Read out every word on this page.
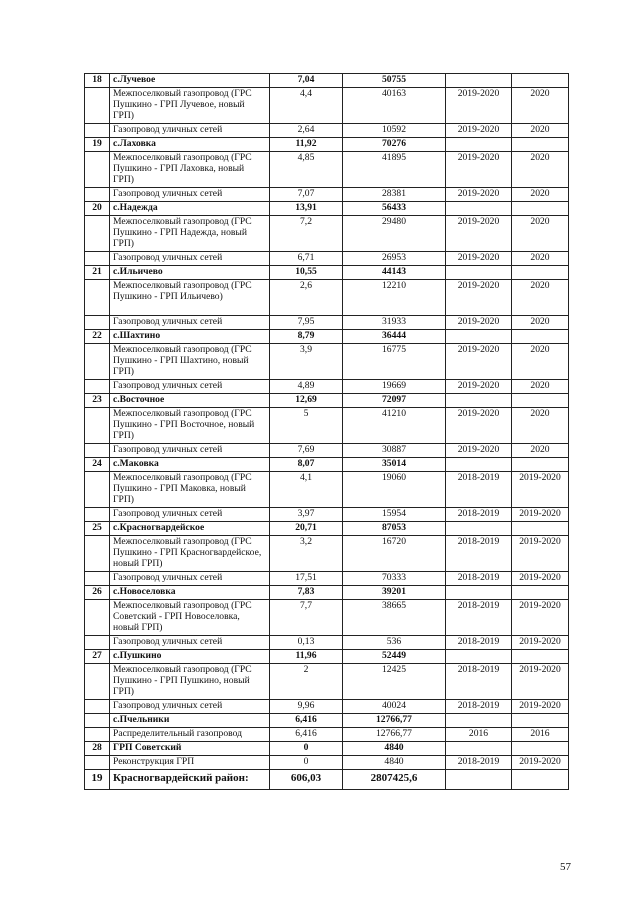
18	с.Лучевое	7,04	50755		
	Межпоселковый газопровод (ГРС Пушкино - ГРП Лучевое, новый ГРП)	4,4	40163	2019-2020	2020
	Газопровод уличных сетей	2,64	10592	2019-2020	2020
19	с.Лаховка	11,92	70276		
	Межпоселковый газопровод (ГРС Пушкино - ГРП Лаховка, новый ГРП)	4,85	41895	2019-2020	2020
	Газопровод уличных сетей	7,07	28381	2019-2020	2020
20	с.Надежда	13,91	56433		
	Межпоселковый газопровод (ГРС Пушкино - ГРП Надежда, новый ГРП)	7,2	29480	2019-2020	2020
	Газопровод уличных сетей	6,71	26953	2019-2020	2020
21	с.Ильичево	10,55	44143		
	Межпоселковый газопровод (ГРС Пушкино - ГРП Ильичево)	2,6	12210	2019-2020	2020
	Газопровод уличных сетей	7,95	31933	2019-2020	2020
22	с.Шахтино	8,79	36444		
	Межпоселковый газопровод (ГРС Пушкино - ГРП Шахтино, новый ГРП)	3,9	16775	2019-2020	2020
	Газопровод уличных сетей	4,89	19669	2019-2020	2020
23	с.Восточное	12,69	72097		
	Межпоселковый газопровод (ГРС Пушкино - ГРП Восточное, новый ГРП)	5	41210	2019-2020	2020
	Газопровод уличных сетей	7,69	30887	2019-2020	2020
24	с.Маковка	8,07	35014		
	Межпоселковый газопровод (ГРС Пушкино - ГРП Маковка, новый ГРП)	4,1	19060	2018-2019	2019-2020
	Газопровод уличных сетей	3,97	15954	2018-2019	2019-2020
25	с.Красногвардейское	20,71	87053		
	Межпоселковый газопровод (ГРС Пушкино - ГРП Красногвардейское, новый ГРП)	3,2	16720	2018-2019	2019-2020
	Газопровод уличных сетей	17,51	70333	2018-2019	2019-2020
26	с.Новоселовка	7,83	39201		
	Межпоселковый газопровод (ГРС Советский - ГРП Новоселовка, новый ГРП)	7,7	38665	2018-2019	2019-2020
	Газопровод уличных сетей	0,13	536	2018-2019	2019-2020
27	с.Пушкино	11,96	52449		
	Межпоселковый газопровод (ГРС Пушкино - ГРП Пушкино, новый ГРП)	2	12425	2018-2019	2019-2020
	Газопровод уличных сетей	9,96	40024	2018-2019	2019-2020
	с.Пчельники	6,416	12766,77		
	Распределительный газопровод	6,416	12766,77	2016	2016
28	ГРП Советский	0	4840		
	Реконструкция ГРП	0	4840	2018-2019	2019-2020
19	Красногвардейский район:	606,03	2807425,6		
57
